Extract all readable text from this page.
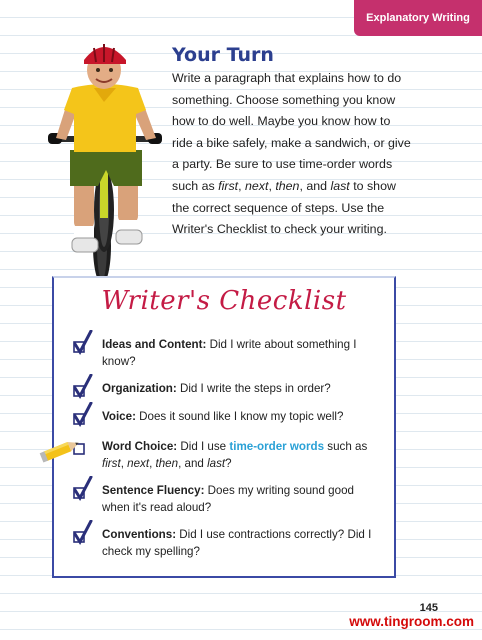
Explanatory Writing
Your Turn
Write a paragraph that explains how to do something. Choose something you know how to do well. Maybe you know how to ride a bike safely, make a sandwich, or give a party. Be sure to use time-order words such as first, next, then, and last to show the correct sequence of steps. Use the Writer's Checklist to check your writing.
Writer's Checklist
Ideas and Content: Did I write about something I know?
Organization: Did I write the steps in order?
Voice: Does it sound like I know my topic well?
Word Choice: Did I use time-order words such as first, next, then, and last?
Sentence Fluency: Does my writing sound good when it's read aloud?
Conventions: Did I use contractions correctly? Did I check my spelling?
145
www.tingroom.com
